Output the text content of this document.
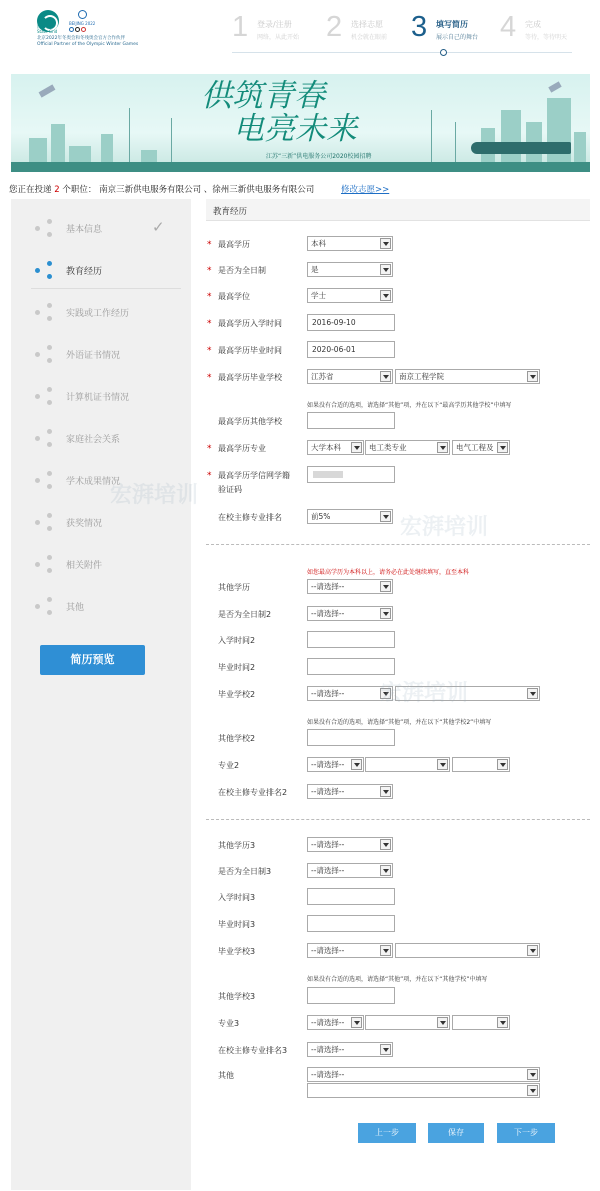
国家电网
State Grid
BEIJING 2022
北京2022年冬奥会和冬残奥会官方合作伙伴
Official Partner of the Olympic Winter Games
1 登录/注册
网络，从此开始 2 选择志愿
机会就在眼前 3 填写简历
展示自己的舞台 4 完成
等待，等待明天
供筑青春
电亮未来
江苏“三新”供电服务公司2020校园招聘
您正在投递 2 个职位： 南京三新供电服务有限公司 、徐州三新供电服务有限公司	修改志愿>>
基本信息	✓
教育经历
实践或工作经历
外语证书情况
计算机证书情况
家庭社会关系
学术成果情况
获奖情况
相关附件
其他
简历预览
教育经历
* 最高学历	本科
* 是否为全日制	是
* 最高学位	学士
* 最高学历入学时间	2016-09-10
* 最高学历毕业时间	2020-06-01
* 最高学历毕业学校	江苏省	南京工程学院
如果没有合适的选项，请选择“其他”项，并在以下“最高学历其他学校”中填写
最高学历其他学校
* 最高学历专业	大学本科	电工类专业	电气工程及
* 最高学历学信网学籍
验证码
在校主修专业排名	前5%
如您最高学历为本科以上，请务必在此处继续填写，直至本科
其他学历	--请选择--
是否为全日制2	--请选择--
入学时间2
毕业时间2
毕业学校2	--请选择--
如果没有合适的选项，请选择“其他”项，并在以下“其他学校2”中填写
其他学校2
专业2	--请选择--
在校主修专业排名2	--请选择--
其他学历3	--请选择--
是否为全日制3	--请选择--
入学时间3
毕业时间3
毕业学校3	--请选择--
如果没有合适的选项，请选择“其他”项，并在以下“其他学校”中填写
其他学校3
专业3	--请选择--
在校主修专业排名3	--请选择--
其他	--请选择--
上一步	保存	下一步
宏湃培训
